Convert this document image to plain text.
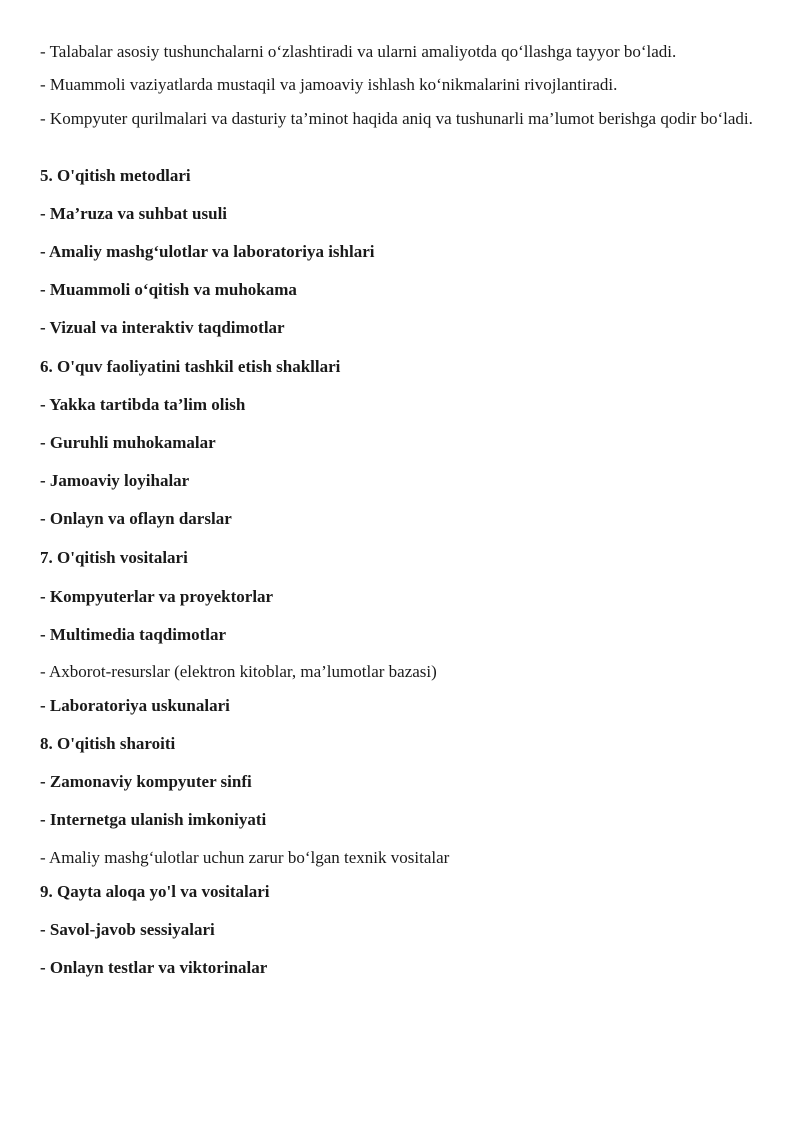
- Talabalar asosiy tushunchalarni o‘zlashtiradi va ularni amaliyotda qo‘llashga tayyor bo‘ladi.

- Muammoli vaziyatlarda mustaqil va jamoaviy ishlash ko‘nikmalarini rivojlantiradi.

- Kompyuter qurilmalari va dasturiy ta’minot haqida aniq va tushunarli ma’lumot berishga qodir bo‘ladi.

5. O'qitish metodlari

- Ma’ruza va suhbat usuli

- Amaliy mashg‘ulotlar va laboratoriya ishlari

- Muammoli o‘qitish va muhokama

- Vizual va interaktiv taqdimotlar

6. O'quv faoliyatini tashkil etish shakllari

- Yakka tartibda ta’lim olish

- Guruhli muhokamalar

- Jamoaviy loyihalar

- Onlayn va oflayn darslar

7. O'qitish vositalari

- Kompyuterlar va proyektorlar

- Multimedia taqdimotlar

- Axborot-resurslar (elektron kitoblar, ma’lumotlar bazasi)

- Laboratoriya uskunalari

8. O'qitish sharoiti

- Zamonaviy kompyuter sinfi

- Internetga ulanish imkoniyati

- Amaliy mashg‘ulotlar uchun zarur bo‘lgan texnik vositalar

9. Qayta aloqa yo'l va vositalari

- Savol-javob sessiyalari

- Onlayn testlar va viktorinalar
